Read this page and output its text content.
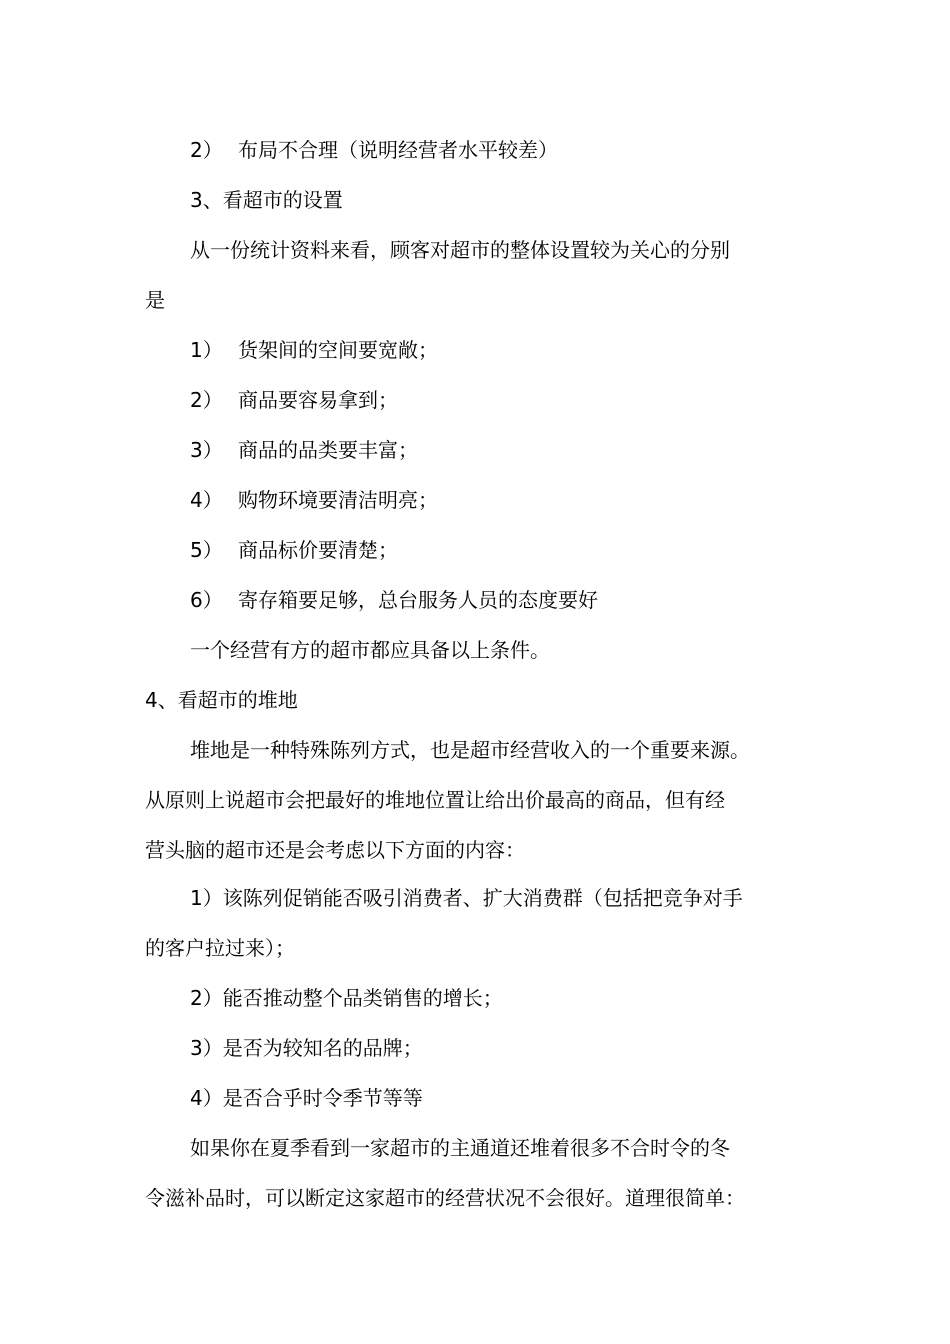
2） 布局不合理（说明经营者水平较差）
3、看超市的设置
从一份统计资料来看，顾客对超市的整体设置较为关心的分别
是
1） 货架间的空间要宽敞；
2） 商品要容易拿到；
3） 商品的品类要丰富；
4） 购物环境要清洁明亮；
5） 商品标价要清楚；
6） 寄存箱要足够，总台服务人员的态度要好
一个经营有方的超市都应具备以上条件。
4、看超市的堆地
堆地是一种特殊陈列方式，也是超市经营收入的一个重要来源。
从原则上说超市会把最好的堆地位置让给出价最高的商品，但有经
营头脑的超市还是会考虑以下方面的内容：
1）该陈列促销能否吸引消费者、扩大消费群（包括把竞争对手
的客户拉过来）；
2）能否推动整个品类销售的增长；
3）是否为较知名的品牌；
4）是否合乎时令季节等等
如果你在夏季看到一家超市的主通道还堆着很多不合时令的冬
令滋补品时，可以断定这家超市的经营状况不会很好。道理很简单：
